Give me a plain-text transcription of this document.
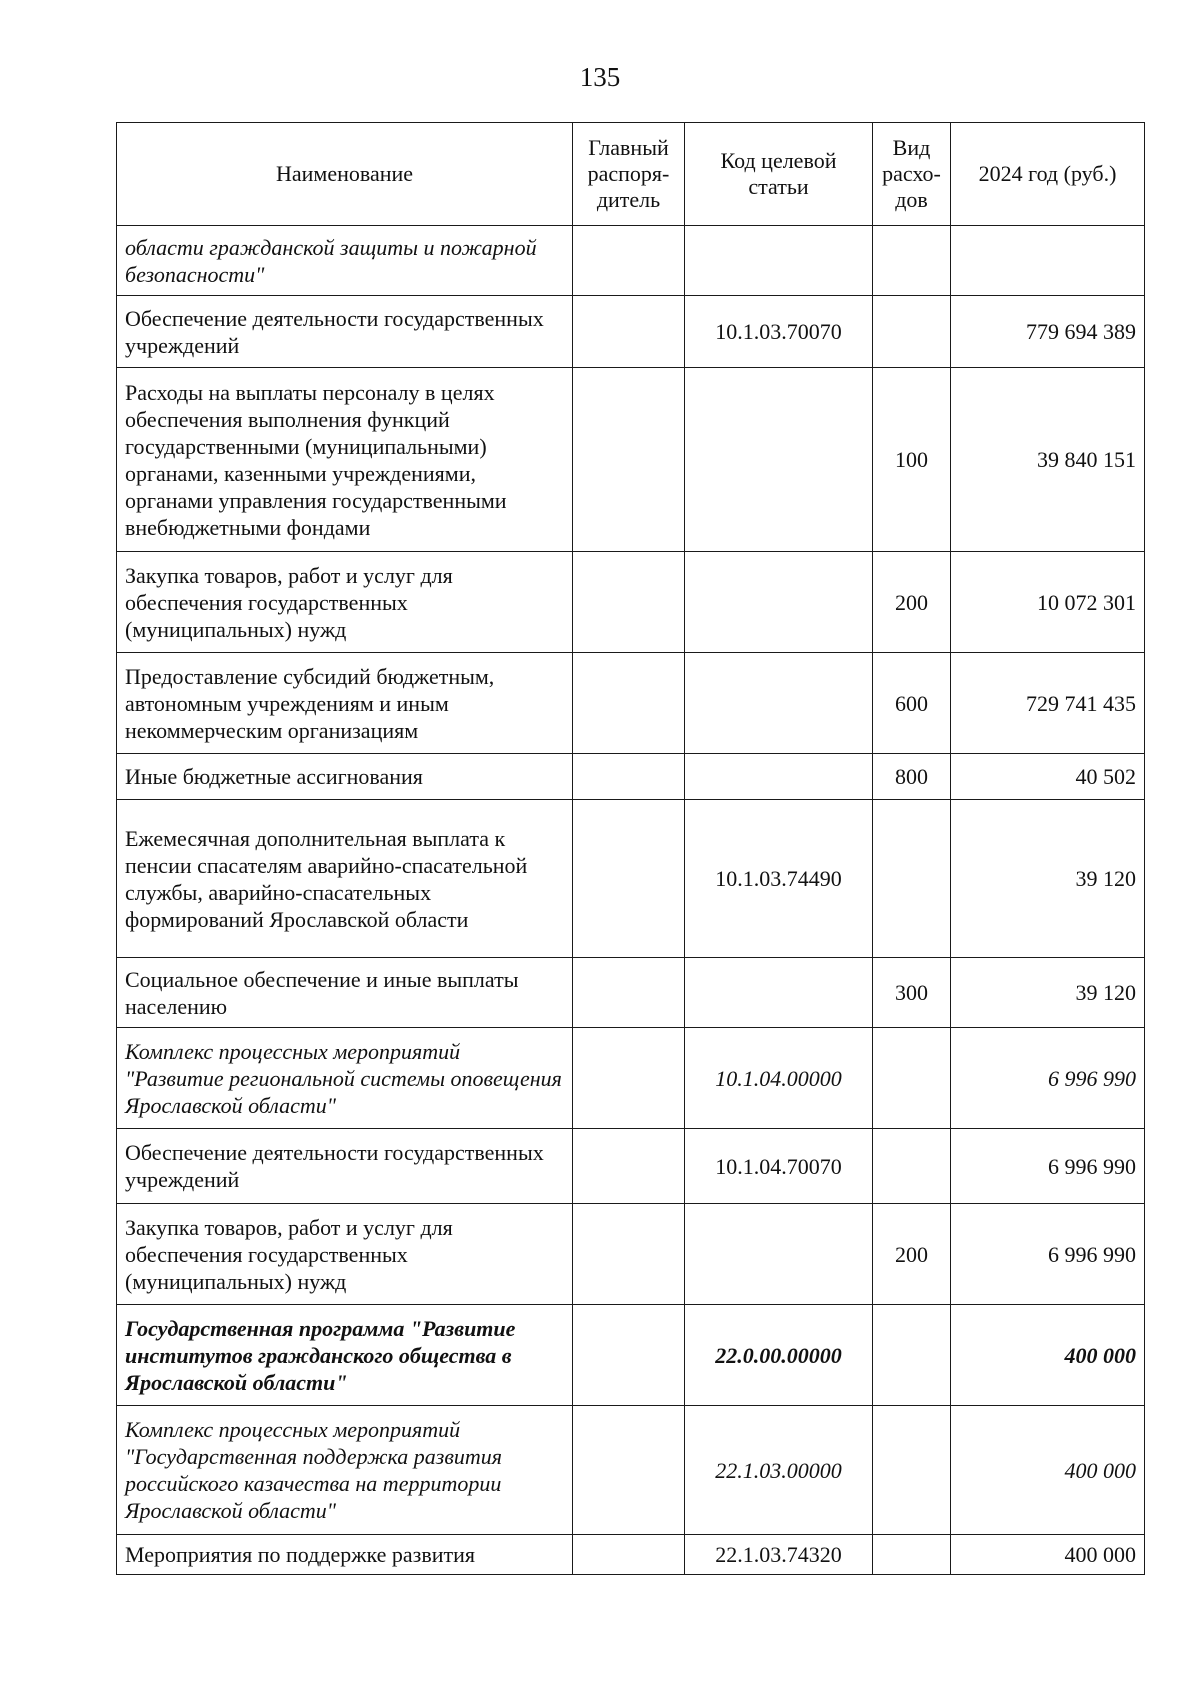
135
Наименование	Главный распоря-дитель	Код целевой статьи	Вид расхо-дов	2024 год (руб.)
области гражданской защиты и пожарной безопасности"				
Обеспечение деятельности государственных учреждений		10.1.03.70070		779 694 389
Расходы на выплаты персоналу в целях обеспечения выполнения функций государственными (муниципальными) органами, казенными учреждениями, органами управления государственными внебюджетными фондами			100	39 840 151
Закупка товаров, работ и услуг для обеспечения государственных (муниципальных) нужд			200	10 072 301
Предоставление субсидий бюджетным, автономным учреждениям и иным некоммерческим организациям			600	729 741 435
Иные бюджетные ассигнования			800	40 502
Ежемесячная дополнительная выплата к пенсии спасателям аварийно-спасательной службы, аварийно-спасательных формирований Ярославской области		10.1.03.74490		39 120
Социальное обеспечение и иные выплаты населению			300	39 120
Комплекс процессных мероприятий "Развитие региональной системы оповещения Ярославской области"		10.1.04.00000		6 996 990
Обеспечение деятельности государственных учреждений		10.1.04.70070		6 996 990
Закупка товаров, работ и услуг для обеспечения государственных (муниципальных) нужд			200	6 996 990
Государственная программа "Развитие институтов гражданского общества в Ярославской области"		22.0.00.00000		400 000
Комплекс процессных мероприятий "Государственная поддержка развития российского казачества на территории Ярославской области"		22.1.03.00000		400 000
Мероприятия по поддержке развития		22.1.03.74320		400 000
